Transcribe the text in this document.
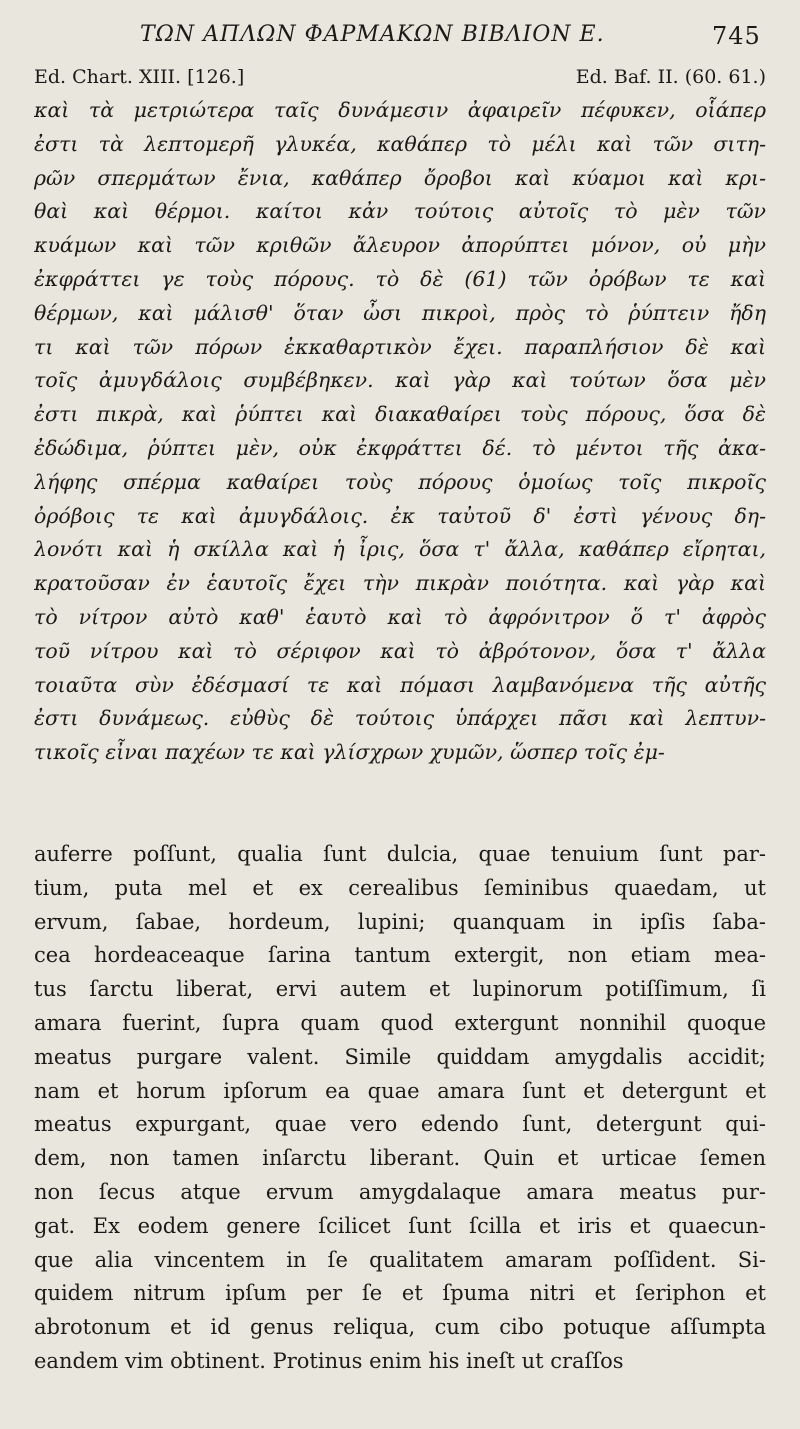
ΤΩΝ ΑΠΛΩΝ ΦΑΡΜΑΚΩΝ ΒΙΒΛΙΟΝ Ε.	745
Ed. Chart. XIII. [126.]	Ed. Baf. II. (60. 61.)
καὶ τὰ μετριώτερα ταῖς δυνάμεσιν ἀφαιρεῖν πέφυκεν, οἷάπερ
ἐστι τὰ λεπτομερῆ γλυκέα, καθάπερ τὸ μέλι καὶ τῶν σιτη-
ρῶν σπερμάτων ἔνια, καθάπερ ὄροβοι καὶ κύαμοι καὶ κρι-
θαὶ καὶ θέρμοι. καίτοι κἀν τούτοις αὐτοῖς τὸ μὲν τῶν
κυάμων καὶ τῶν κριθῶν ἄλευρον ἀπορύπτει μόνον, οὐ μὴν
ἐκφράττει γε τοὺς πόρους. τὸ δὲ (61) τῶν ὀρόβων τε καὶ
θέρμων, καὶ μάλισθ' ὅταν ὦσι πικροὶ, πρὸς τὸ ῥύπτειν ἤδη
τι καὶ τῶν πόρων ἐκκαθαρτικὸν ἔχει. παραπλήσιον δὲ καὶ
τοῖς ἀμυγδάλοις συμβέβηκεν. καὶ γὰρ καὶ τούτων ὅσα μὲν
ἐστι πικρὰ, καὶ ῥύπτει καὶ διακαθαίρει τοὺς πόρους, ὅσα δὲ
ἐδώδιμα, ῥύπτει μὲν, οὐκ ἐκφράττει δέ. τὸ μέντοι τῆς ἀκα-
λήφης σπέρμα καθαίρει τοὺς πόρους ὁμοίως τοῖς πικροῖς
ὀρόβοις τε καὶ ἀμυγδάλοις. ἐκ ταὐτοῦ δ' ἐστὶ γένους δη-
λονότι καὶ ἡ σκίλλα καὶ ἡ ἶρις, ὅσα τ' ἄλλα, καθάπερ εἴρηται,
κρατοῦσαν ἐν ἑαυτοῖς ἔχει τὴν πικρὰν ποιότητα. καὶ γὰρ καὶ
τὸ νίτρον αὐτὸ καθ' ἑαυτὸ καὶ τὸ ἀφρόνιτρον ὅ τ' ἀφρὸς
τοῦ νίτρου καὶ τὸ σέριφον καὶ τὸ ἀβρότονον, ὅσα τ' ἄλλα
τοιαῦτα σὺν ἐδέσμασί τε καὶ πόμασι λαμβανόμενα τῆς αὐτῆς
ἐστι δυνάμεως. εὐθὺς δὲ τούτοις ὑπάρχει πᾶσι καὶ λεπτυν-
τικοῖς εἶναι παχέων τε καὶ γλίσχρων χυμῶν, ὥσπερ τοῖς ἐμ-
auferre poſſunt, qualia ſunt dulcia, quae tenuium ſunt par-
tium, puta mel et ex cerealibus ſeminibus quaedam, ut
ervum, ſabae, hordeum, lupini; quanquam in ipſis ſaba-
cea hordeaceaque ſarina tantum extergit, non etiam mea-
tus ſarctu liberat, ervi autem et lupinorum potiſſimum, ſi
amara fuerint, ſupra quam quod extergunt nonnihil quoque
meatus purgare valent. Simile quiddam amygdalis accidit;
nam et horum ipſorum ea quae amara ſunt et detergunt et
meatus expurgant, quae vero edendo ſunt, detergunt qui-
dem, non tamen inſarctu liberant. Quin et urticae ſemen
non ſecus atque ervum amygdalaque amara meatus pur-
gat. Ex eodem genere ſcilicet ſunt ſcilla et iris et quaecun-
que alia vincentem in ſe qualitatem amaram poſſident. Si-
quidem nitrum ipſum per ſe et ſpuma nitri et ſeriphon et
abrotonum et id genus reliqua, cum cibo potuque aſſumpta
eandem vim obtinent. Protinus enim his ineſt ut craſſos
